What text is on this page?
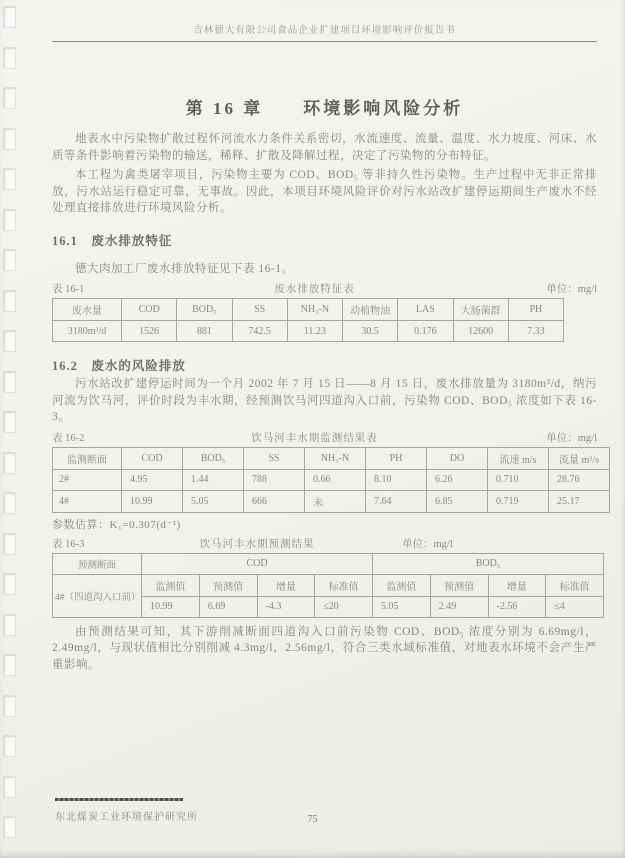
吉林德大有限公司食品企业扩建项目环境影响评价报告书
第 16 章　　环境影响风险分析

地表水中污染物扩散过程怀河流水力条件关系密切，水流速度、流量、温度、水力坡度、河床、水质等条件影响着污染物的输送，稀释、扩散及降解过程，决定了污染物的分布特征。

本工程为禽类屠宰项目，污染物主要为 COD、BOD₅ 等非持久性污染物。生产过程中无非正常排放，污水站运行稳定可靠，无事故。因此，本项目环境风险评价对污水站改扩建停运期间生产废水不经处理直接排放进行环境风险分析。

16.1　废水排放特征

德大肉加工厂废水排放特征见下表 16-1。

表 16-1	废水排放特征表	单位：mg/l
废水量	COD	BOD₅	SS	NH₃-N	动植物油	LAS	大肠菌群	PH
3180m³/d	1526	881	742.5	11.23	30.5	0.176	12600	7.33
16.2　废水的风险排放

污水站改扩建停运时间为一个月 2002 年 7 月 15 日——8 月 15 日，废水排放量为 3180m³/d，纳污河流为饮马河，评价时段为丰水期，经预测饮马河四道沟入口前，污染物 COD、BOD₅ 浓度如下表 16-3。

表 16-2	饮马河丰水期监测结果表	单位：mg/l
监测断面	COD	BOD₅	SS	NH₃-N	PH	DO	流速 m/s	流量 m³/s
2#	4.95	1.44	788	0.66	8.10	6.26	0.710	28.76
4#	10.99	5.05	666	未	7.64	6.85	0.719	25.17
参数估算：K₁=0.307(d⁻¹)
表 16-3	饮马河丰水期预测结果	单位：mg/l
预测断面	COD				BOD₅			
4#（四道沟入口前）	监测值	预测值	增量	标准值	监测值	预测值	增量	标准值
	10.99	6.69	-4.3	≤20	5.05	2.49	-2.56	≤4

由预测结果可知，其下游削减断面四道沟入口前污染物 COD、BOD₅ 浓度分别为 6.69mg/l，2.49mg/l，与现状值相比分别削减 4.3mg/l，2.56mg/l，符合三类水域标准值，对地表水环境不会产生严重影响。

东北煤炭工业环境保护研究所	75
